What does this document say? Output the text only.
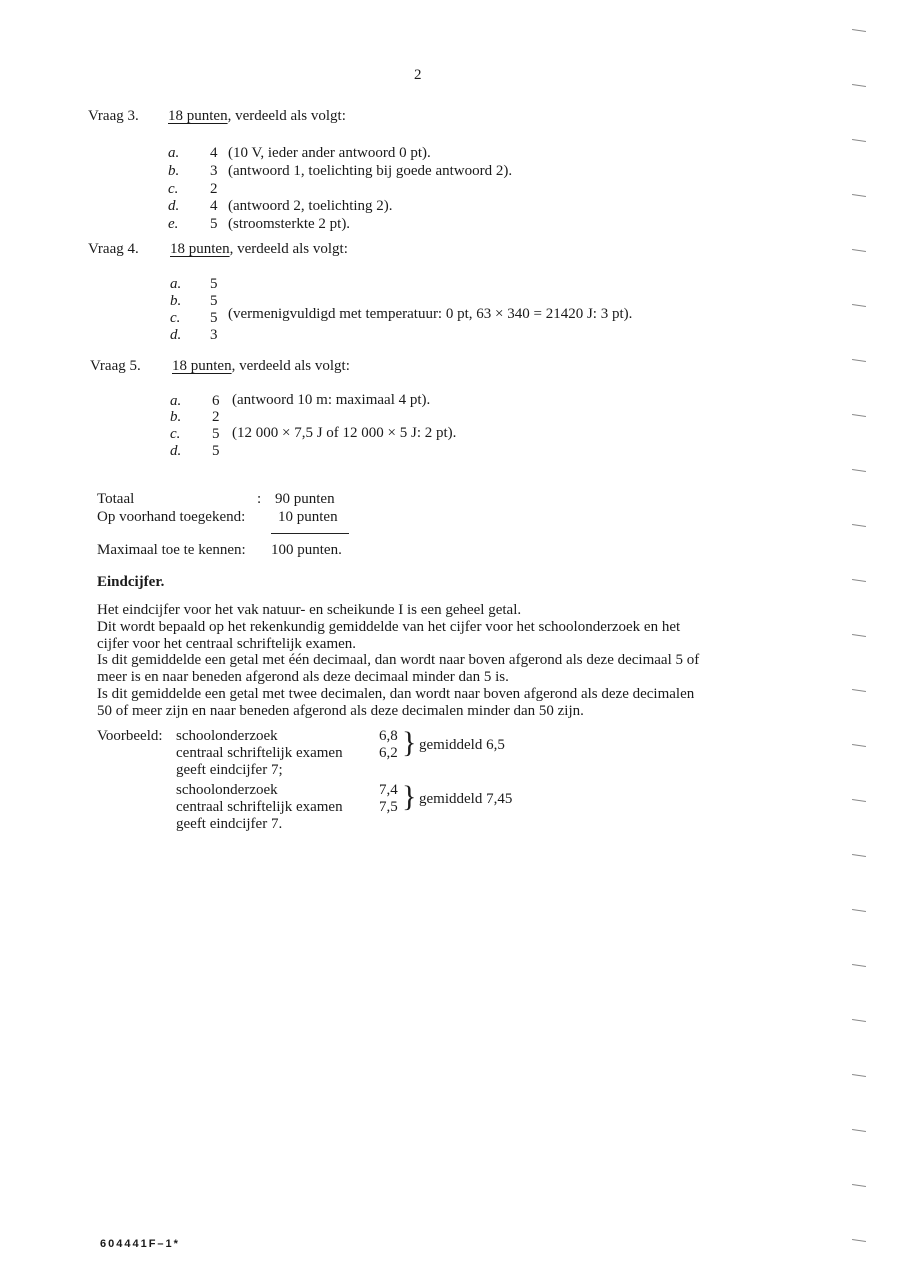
2
Vraag 3. 18 punten, verdeeld als volgt:
a. 4 (10 V, ieder ander antwoord 0 pt).
b. 3 (antwoord 1, toelichting bij goede antwoord 2).
c. 2
d. 4 (antwoord 2, toelichting 2).
e. 5 (stroomsterkte 2 pt).
Vraag 4. 18 punten, verdeeld als volgt:
a. 5
b. 5
c. 5 (vermenigvuldigd met temperatuur: 0 pt, 63 × 340 = 21420 J: 3 pt).
d. 3
Vraag 5. 18 punten, verdeeld als volgt:
a. 6 (antwoord 10 m: maximaal 4 pt).
b. 2
c. 5 (12 000 × 7,5 J of 12 000 × 5 J: 2 pt).
d. 5
Totaal	: 90 punten
Op voorhand toegekend: 10 punten
Maximaal toe te kennen: 100 punten.
Eindcijfer.
Het eindcijfer voor het vak natuur- en scheikunde I is een geheel getal.
Dit wordt bepaald op het rekenkundig gemiddelde van het cijfer voor het schoolonderzoek en het
cijfer voor het centraal schriftelijk examen.
Is dit gemiddelde een getal met één decimaal, dan wordt naar boven afgerond als deze decimaal 5 of
meer is en naar beneden afgerond als deze decimaal minder dan 5 is.
Is dit gemiddelde een getal met twee decimalen, dan wordt naar boven afgerond als deze decimalen
50 of meer zijn en naar beneden afgerond als deze decimalen minder dan 50 zijn.
Voorbeeld: schoolonderzoek
centraal schriftelijk examen
6,8
6,2 } gemiddeld 6,5
geeft eindcijfer 7;
schoolonderzoek
centraal schriftelijk examen
7,4
7,5 } gemiddeld 7,45
geeft eindcijfer 7.
604441F–1*
